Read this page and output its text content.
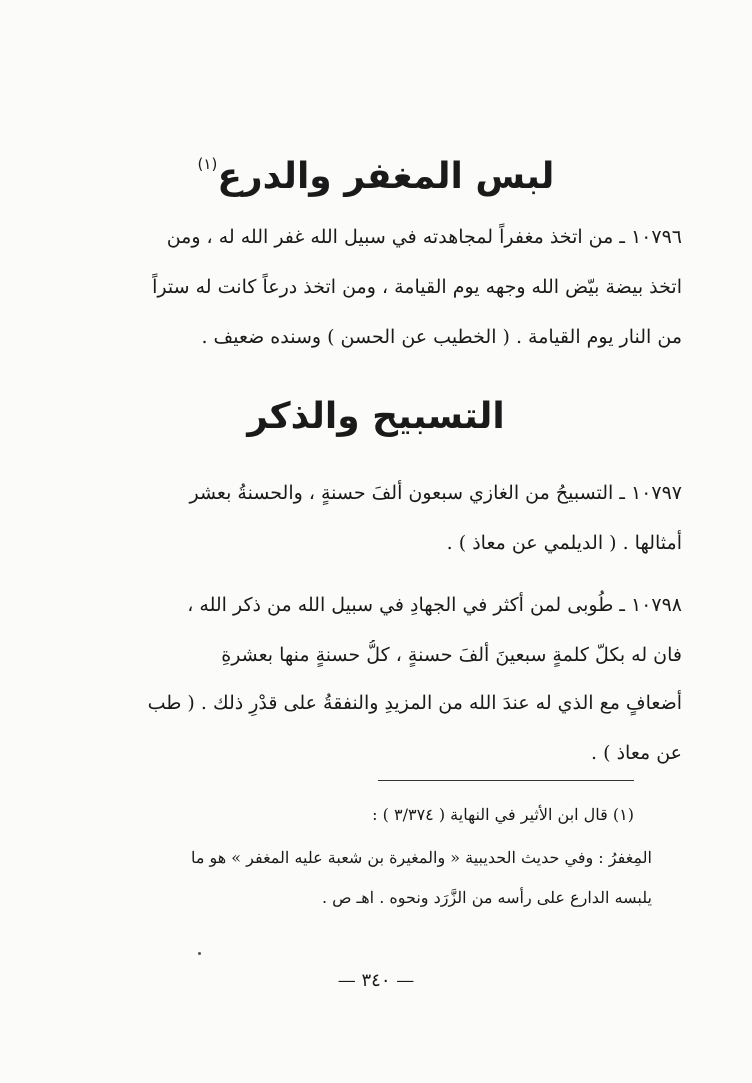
لبس المغفر والدرع$^{(١)}$
١٠٧٩٦ ـ من اتخذ مغفراً لمجاهدته في سبيل الله غفر الله له ، ومن
اتخذ بيضة بيّض الله وجهه يوم القيامة ، ومن اتخذ درعاً كانت له ستراً
من النار يوم القيامة . ( الخطيب عن الحسن ) وسنده ضعيف .
التسبيح والذكر
١٠٧٩٧ ـ التسبيحُ من الغازي سبعون ألفَ حسنةٍ ، والحسنةُ بعشر
أمثالها . ( الديلمي عن معاذ ) .
١٠٧٩٨ ـ طُوبى لمن أكثر في الجهادِ في سبيل الله من ذكر الله ،
فان له بكلّ كلمةٍ سبعينَ ألفَ حسنةٍ ، كلُّ حسنةٍ منها بعشرةِ
أضعافٍ مع الذي له عندَ الله من المزيدِ والنفقةُ على قدْرِ ذلك . ( طب
عن معاذ ) .
(١) قال ابن الأثير في النهاية ( ٣/٣٧٤ ) :
المِغفرُ : وفي حديث الحديبية « والمغيرة بن شعبة عليه المغفر » هو ما
يلبسه الدارع على رأسه من الزَّرَد ونحوه . اهـ ص .
— ٣٤٠ —
